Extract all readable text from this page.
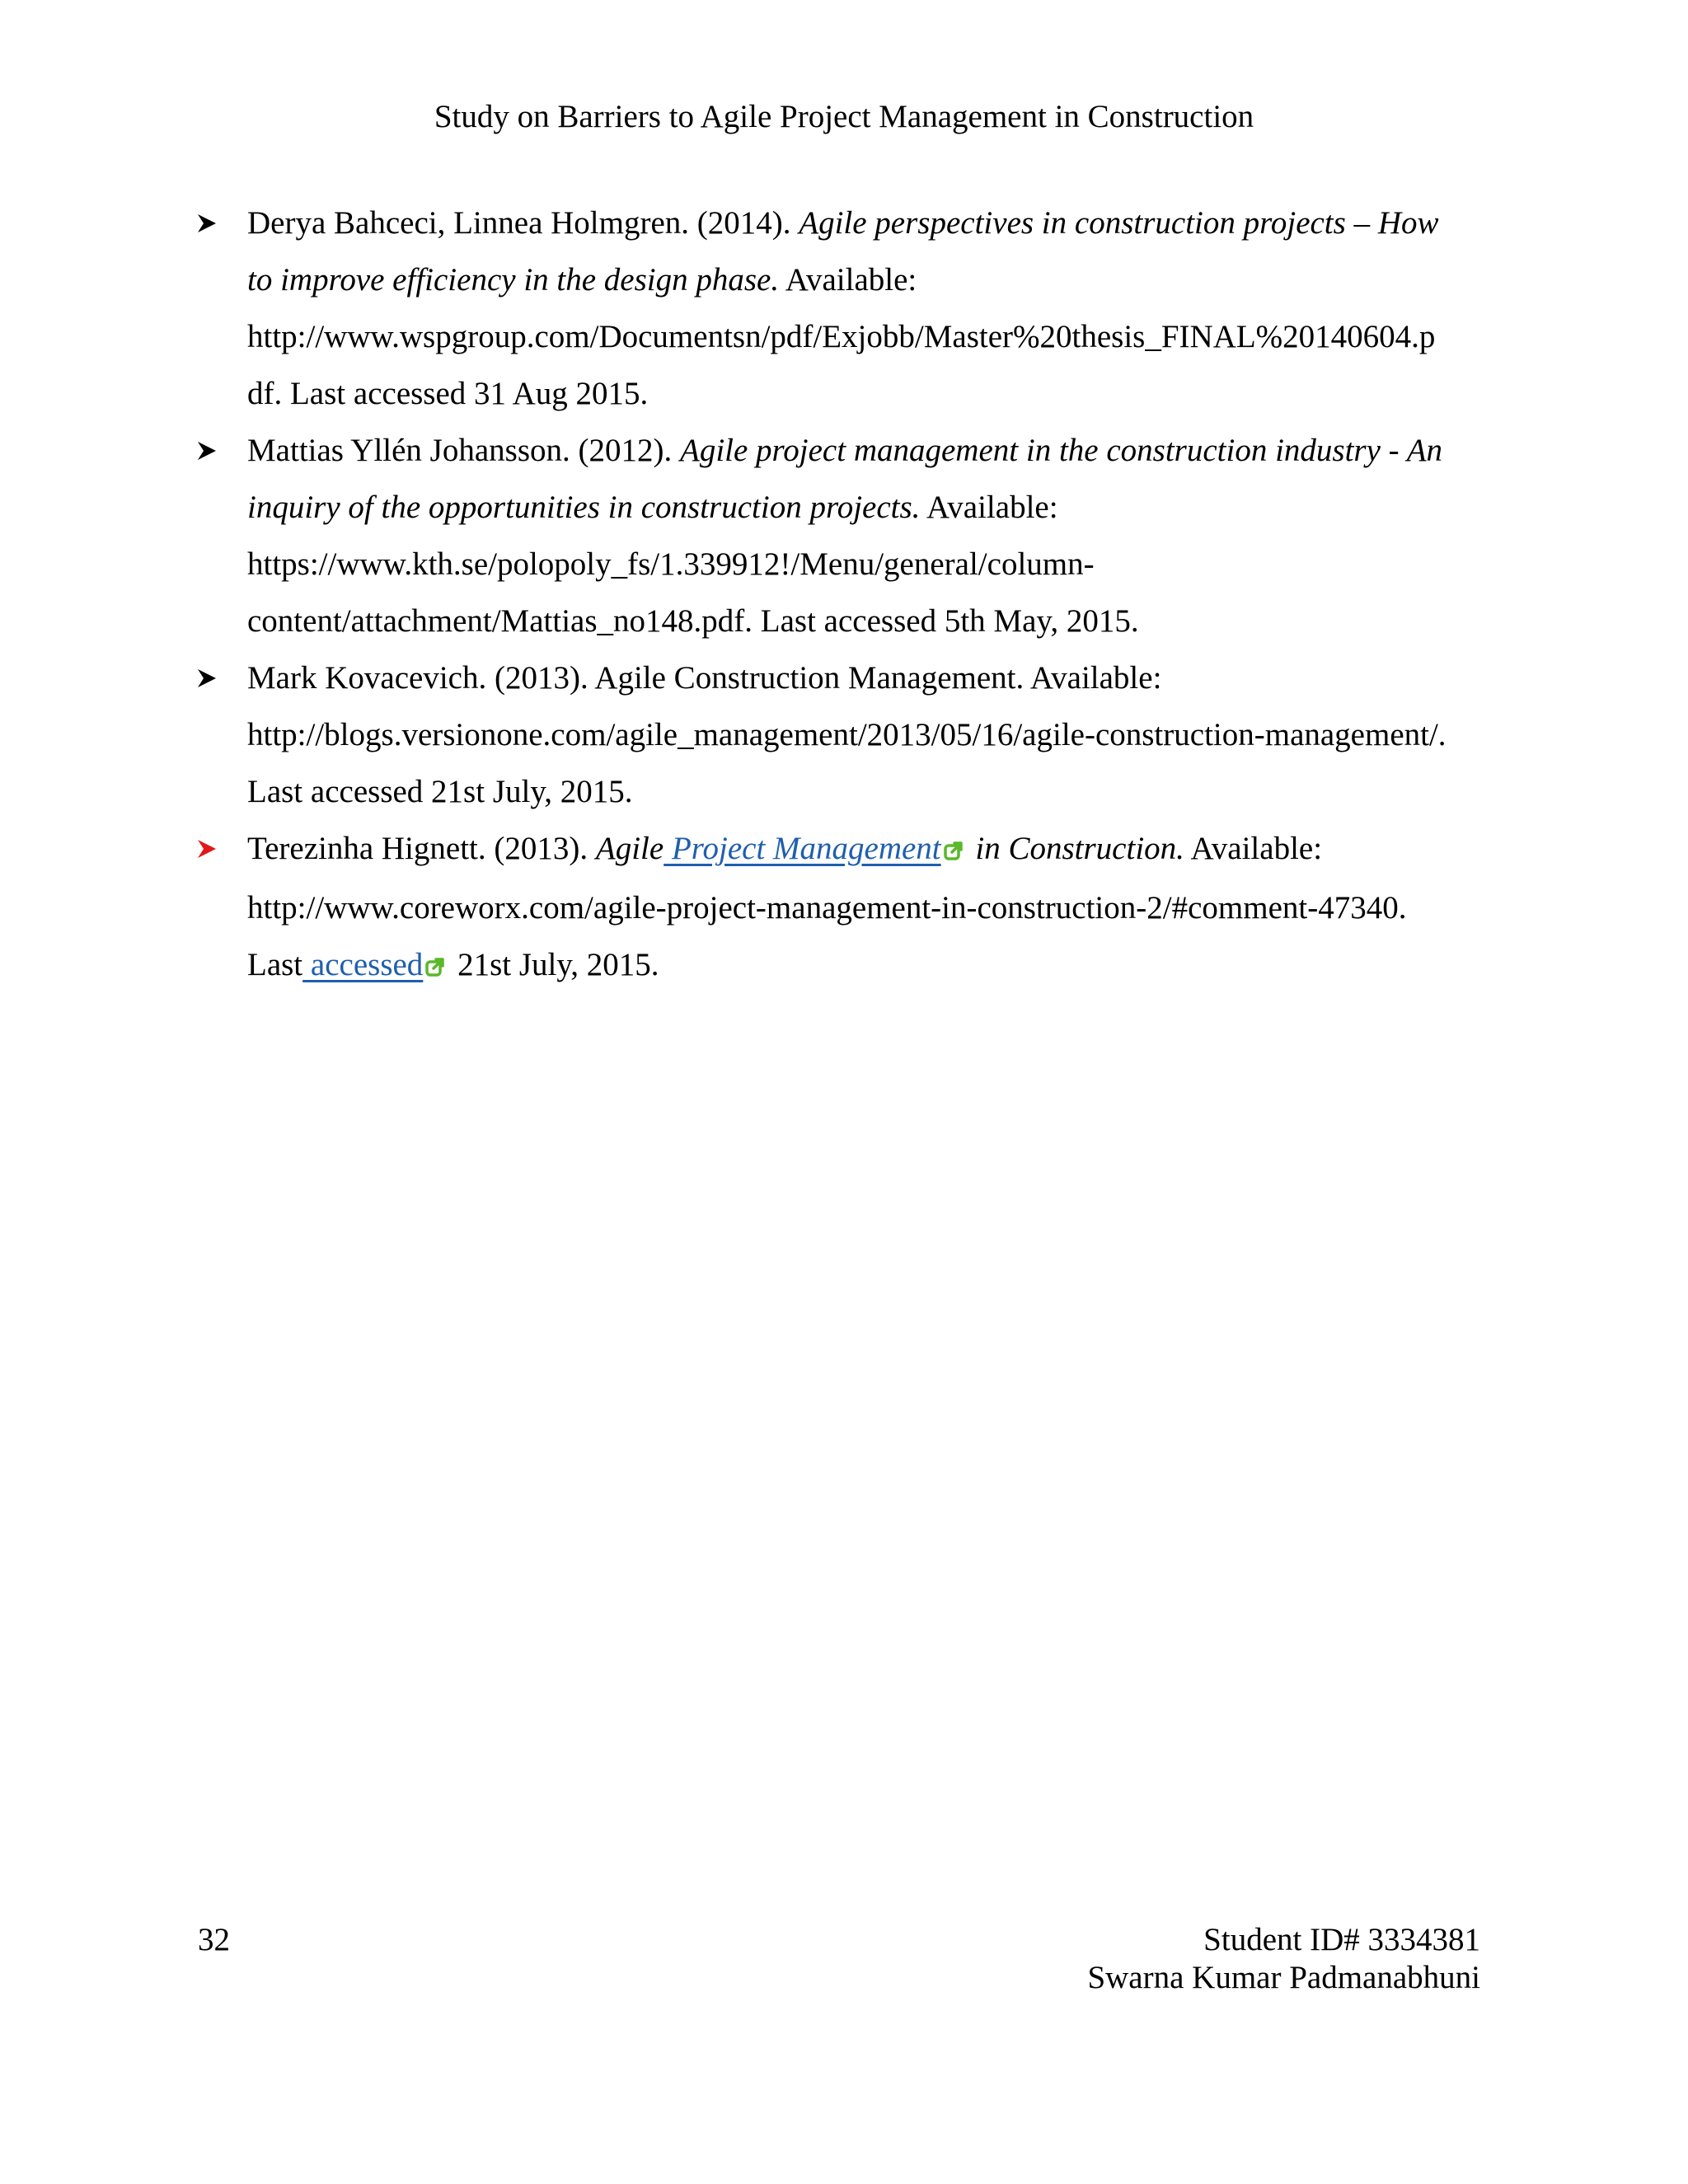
Study on Barriers to Agile Project Management in Construction
Derya Bahceci, Linnea Holmgren. (2014). Agile perspectives in construction projects – How
to improve efficiency in the design phase. Available:
http://www.wspgroup.com/Documentsn/pdf/Exjobb/Master%20thesis_FINAL%20140604.p
df. Last accessed 31 Aug 2015.
Mattias Yllén Johansson. (2012). Agile project management in the construction industry - An
inquiry of the opportunities in construction projects. Available:
https://www.kth.se/polopoly_fs/1.339912!/Menu/general/column-
content/attachment/Mattias_no148.pdf. Last accessed 5th May, 2015.
Mark Kovacevich. (2013). Agile Construction Management. Available:
http://blogs.versionone.com/agile_management/2013/05/16/agile-construction-management/.
Last accessed 21st July, 2015.
Terezinha Hignett. (2013). Agile Project Management in Construction. Available:
http://www.coreworx.com/agile-project-management-in-construction-2/#comment-47340.
Last accessed 21st July, 2015.
32	Student ID# 3334381
Swarna Kumar Padmanabhuni
